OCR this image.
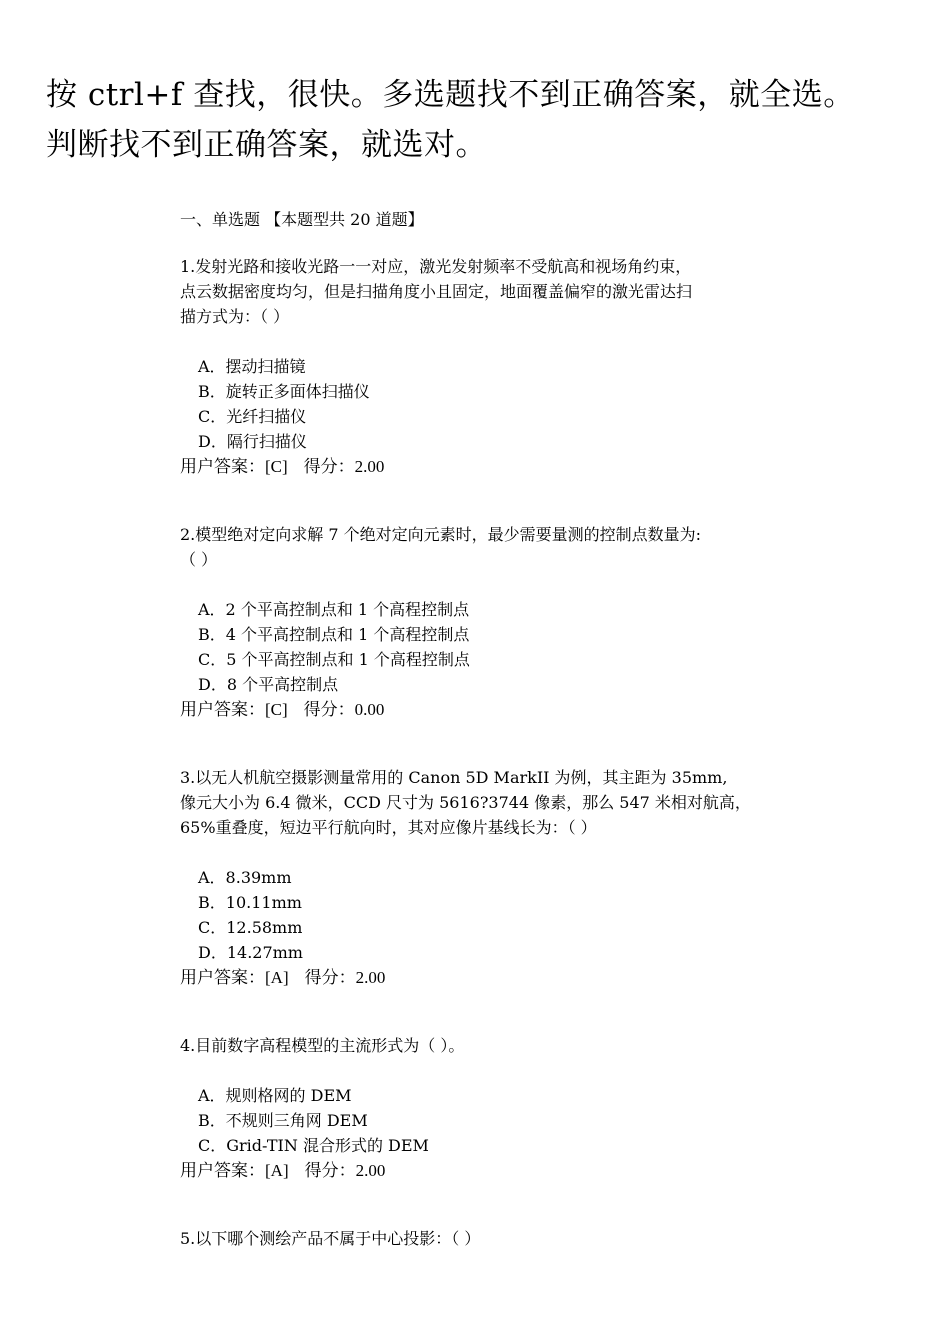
按 ctrl+f 查找，很快。多选题找不到正确答案，就全选。

判断找不到正确答案，就选对。

一、单选题 【本题型共 20 道题】

1.发射光路和接收光路一一对应，激光发射频率不受航高和视场角约束，

点云数据密度均匀，但是扫描角度小且固定，地面覆盖偏窄的激光雷达扫

描方式为：（ ）

A．摆动扫描镜
B．旋转正多面体扫描仪
C．光纤扫描仪
D．隔行扫描仪

用户答案：[C] 得分：2.00

2.模型绝对定向求解 7 个绝对定向元素时，最少需要量测的控制点数量为:

（ ）

A．2 个平高控制点和 1 个高程控制点
B．4 个平高控制点和 1 个高程控制点
C．5 个平高控制点和 1 个高程控制点
D．8 个平高控制点

用户答案：[C] 得分：0.00

3.以无人机航空摄影测量常用的 Canon 5D MarkII 为例，其主距为 35mm,

像元大小为 6.4 微米，CCD 尺寸为 5616?3744 像素，那么 547 米相对航高，

65%重叠度，短边平行航向时，其对应像片基线长为：（ ）

A．8.39mm
B．10.11mm
C．12.58mm
D．14.27mm

用户答案：[A] 得分：2.00

4.目前数字高程模型的主流形式为（ ）。

A．规则格网的 DEM
B．不规则三角网 DEM
C．Grid-TIN 混合形式的 DEM

用户答案：[A] 得分：2.00

5.以下哪个测绘产品不属于中心投影：（ ）
